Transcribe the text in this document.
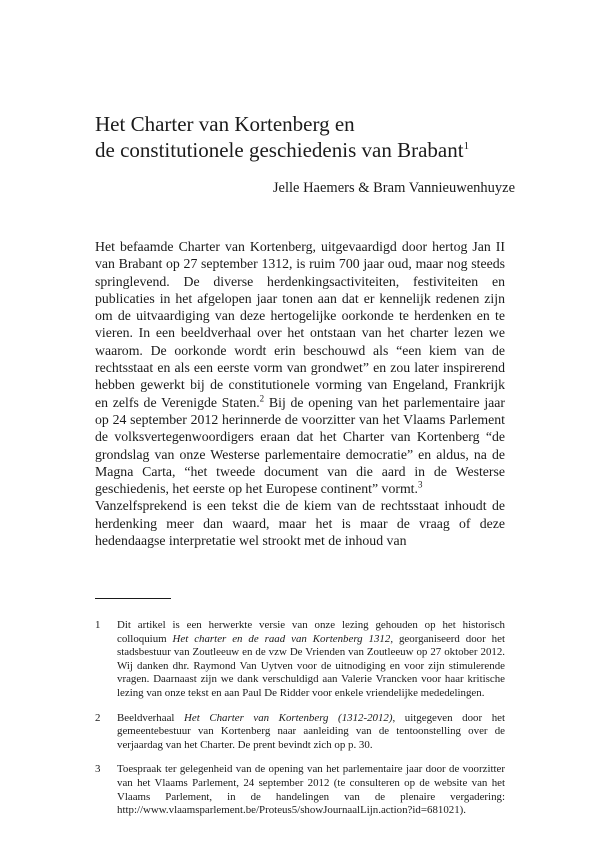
Het Charter van Kortenberg en
de constitutionele geschiedenis van Brabant$^1$
Jelle Haemers & Bram Vannieuwenhuyze

Het befaamde Charter van Kortenberg, uitgevaardigd door hertog Jan II van Brabant op 27 september 1312, is ruim 700 jaar oud, maar nog steeds springlevend. De diverse herdenkingsactiviteiten, festiviteiten en publicaties in het afgelopen jaar tonen aan dat er kennelijk redenen zijn om de uitvaardiging van deze hertogelijke oorkonde te herdenken en te vieren. In een beeldverhaal over het ontstaan van het charter lezen we waarom. De oorkonde wordt erin beschouwd als “een kiem van de rechtsstaat en als een eerste vorm van grondwet” en zou later inspirerend hebben gewerkt bij de constitutionele vorming van Engeland, Frankrijk en zelfs de Verenigde Staten.$^2$ Bij de opening van het parlementaire jaar op 24 september 2012 herinnerde de voorzitter van het Vlaams Parlement de volksvertegenwoordigers eraan dat het Charter van Kortenberg “de grondslag van onze Westerse parlementaire democratie” en aldus, na de Magna Carta, “het tweede document van die aard in de Westerse geschiedenis, het eerste op het Europese continent” vormt.$^3$

Vanzelfsprekend is een tekst die de kiem van de rechtsstaat inhoudt de herdenking meer dan waard, maar het is maar de vraag of deze hedendaagse interpretatie wel strookt met de inhoud van

1	Dit artikel is een herwerkte versie van onze lezing gehouden op het historisch colloquium Het charter en de raad van Kortenberg 1312, georganiseerd door het stadsbestuur van Zoutleeuw en de vzw De Vrienden van Zoutleeuw op 27 oktober 2012. Wij danken dhr. Raymond Van Uytven voor de uitnodiging en voor zijn stimulerende vragen. Daarnaast zijn we dank verschuldigd aan Valerie Vrancken voor haar kritische lezing van onze tekst en aan Paul De Ridder voor enkele vriendelijke mededelingen.
2	Beeldverhaal Het Charter van Kortenberg (1312-2012), uitgegeven door het gemeentebestuur van Kortenberg naar aanleiding van de tentoonstelling over de verjaardag van het Charter. De prent bevindt zich op p. 30.
3	Toespraak ter gelegenheid van de opening van het parlementaire jaar door de voorzitter van het Vlaams Parlement, 24 september 2012 (te consulteren op de website van het Vlaams Parlement, in de handelingen van de plenaire vergadering: http://www.vlaamsparlement.be/Proteus5/showJournaalLijn.action?id=681021).
